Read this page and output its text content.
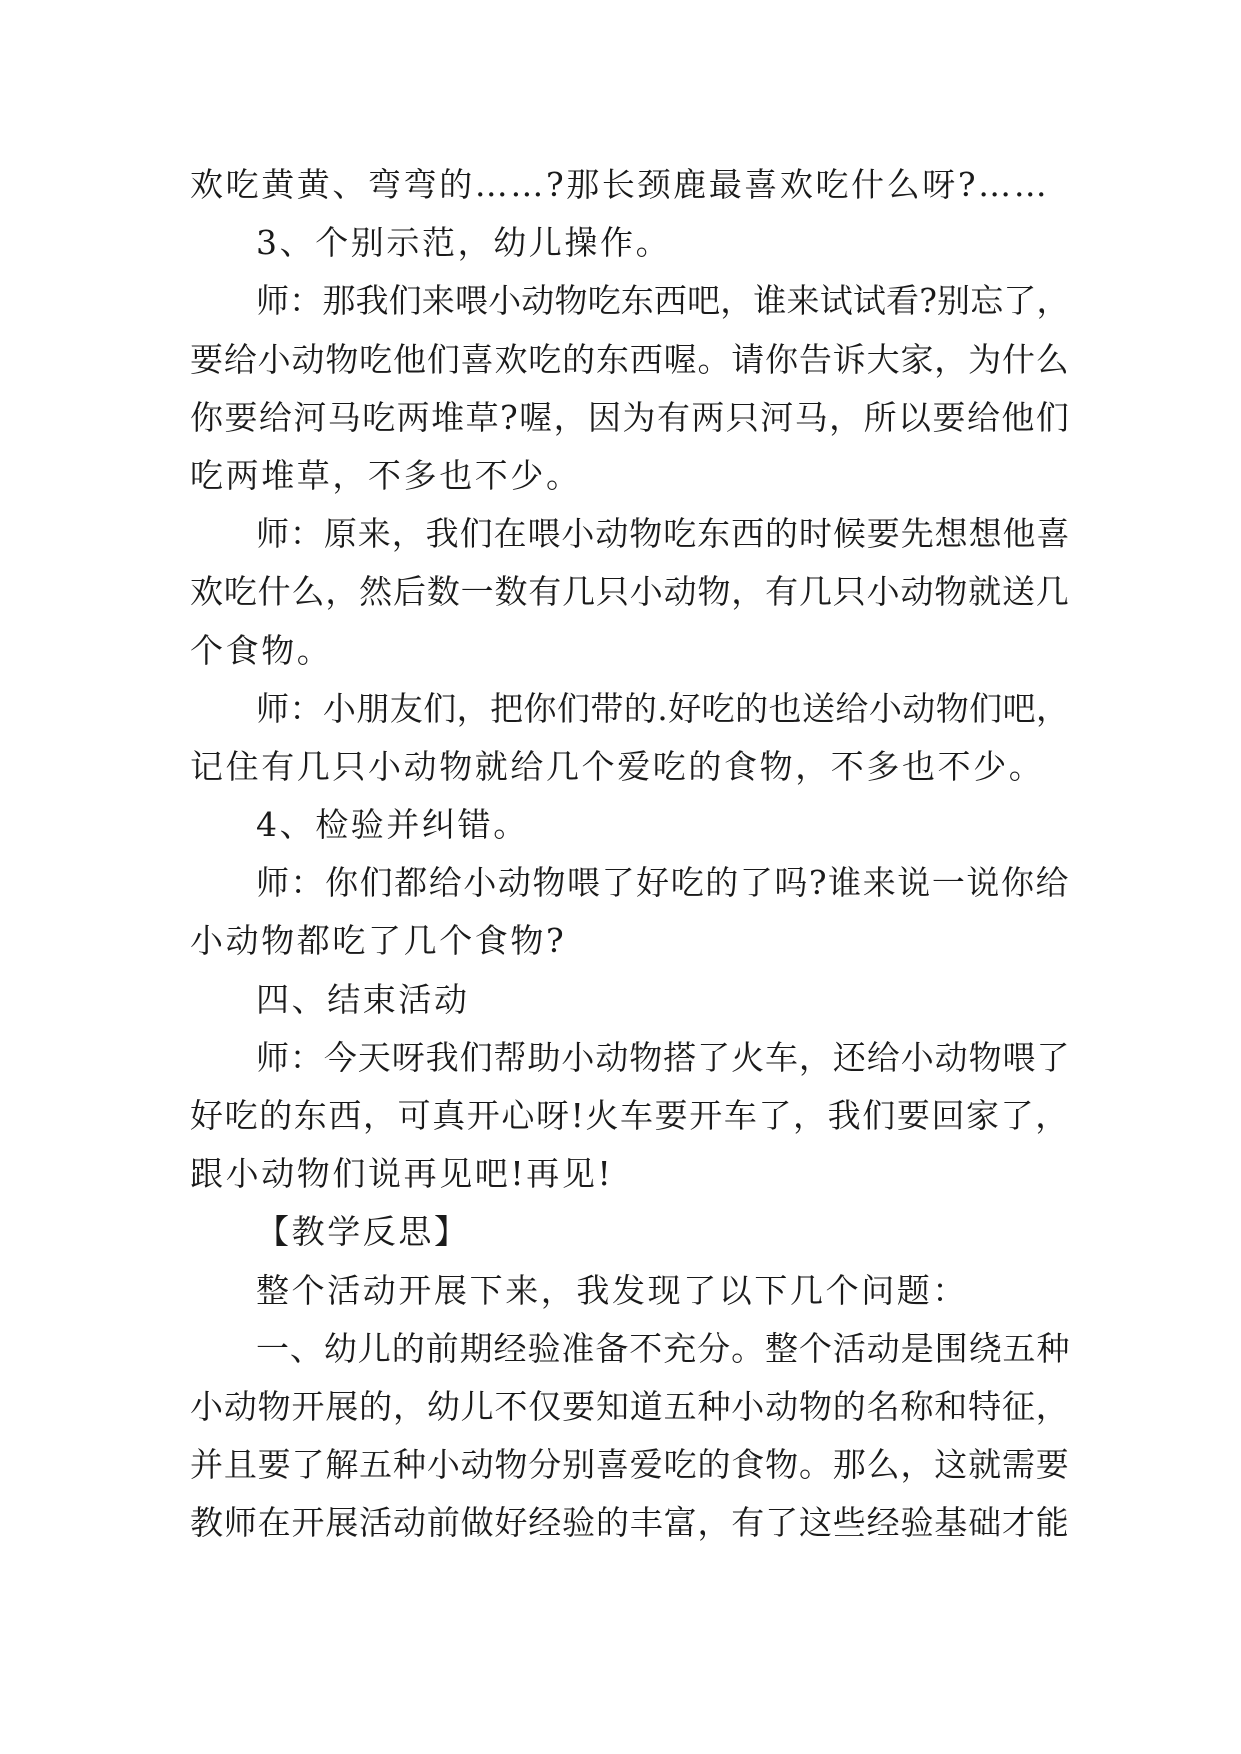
欢吃黄黄、弯弯的……?那长颈鹿最喜欢吃什么呀?……
3、个别示范，幼儿操作。
师：那我们来喂小动物吃东西吧，谁来试试看?别忘了，
要给小动物吃他们喜欢吃的东西喔。请你告诉大家，为什么
你要给河马吃两堆草?喔，因为有两只河马，所以要给他们
吃两堆草，不多也不少。
师：原来，我们在喂小动物吃东西的时候要先想想他喜
欢吃什么，然后数一数有几只小动物，有几只小动物就送几
个食物。
师：小朋友们，把你们带的.好吃的也送给小动物们吧，
记住有几只小动物就给几个爱吃的食物，不多也不少。
4、检验并纠错。
师：你们都给小动物喂了好吃的了吗?谁来说一说你给
小动物都吃了几个食物?
四、结束活动
师：今天呀我们帮助小动物搭了火车，还给小动物喂了
好吃的东西，可真开心呀!火车要开车了，我们要回家了，
跟小动物们说再见吧!再见!
【教学反思】
整个活动开展下来，我发现了以下几个问题：
一、幼儿的前期经验准备不充分。整个活动是围绕五种
小动物开展的，幼儿不仅要知道五种小动物的名称和特征，
并且要了解五种小动物分别喜爱吃的食物。那么，这就需要
教师在开展活动前做好经验的丰富，有了这些经验基础才能
